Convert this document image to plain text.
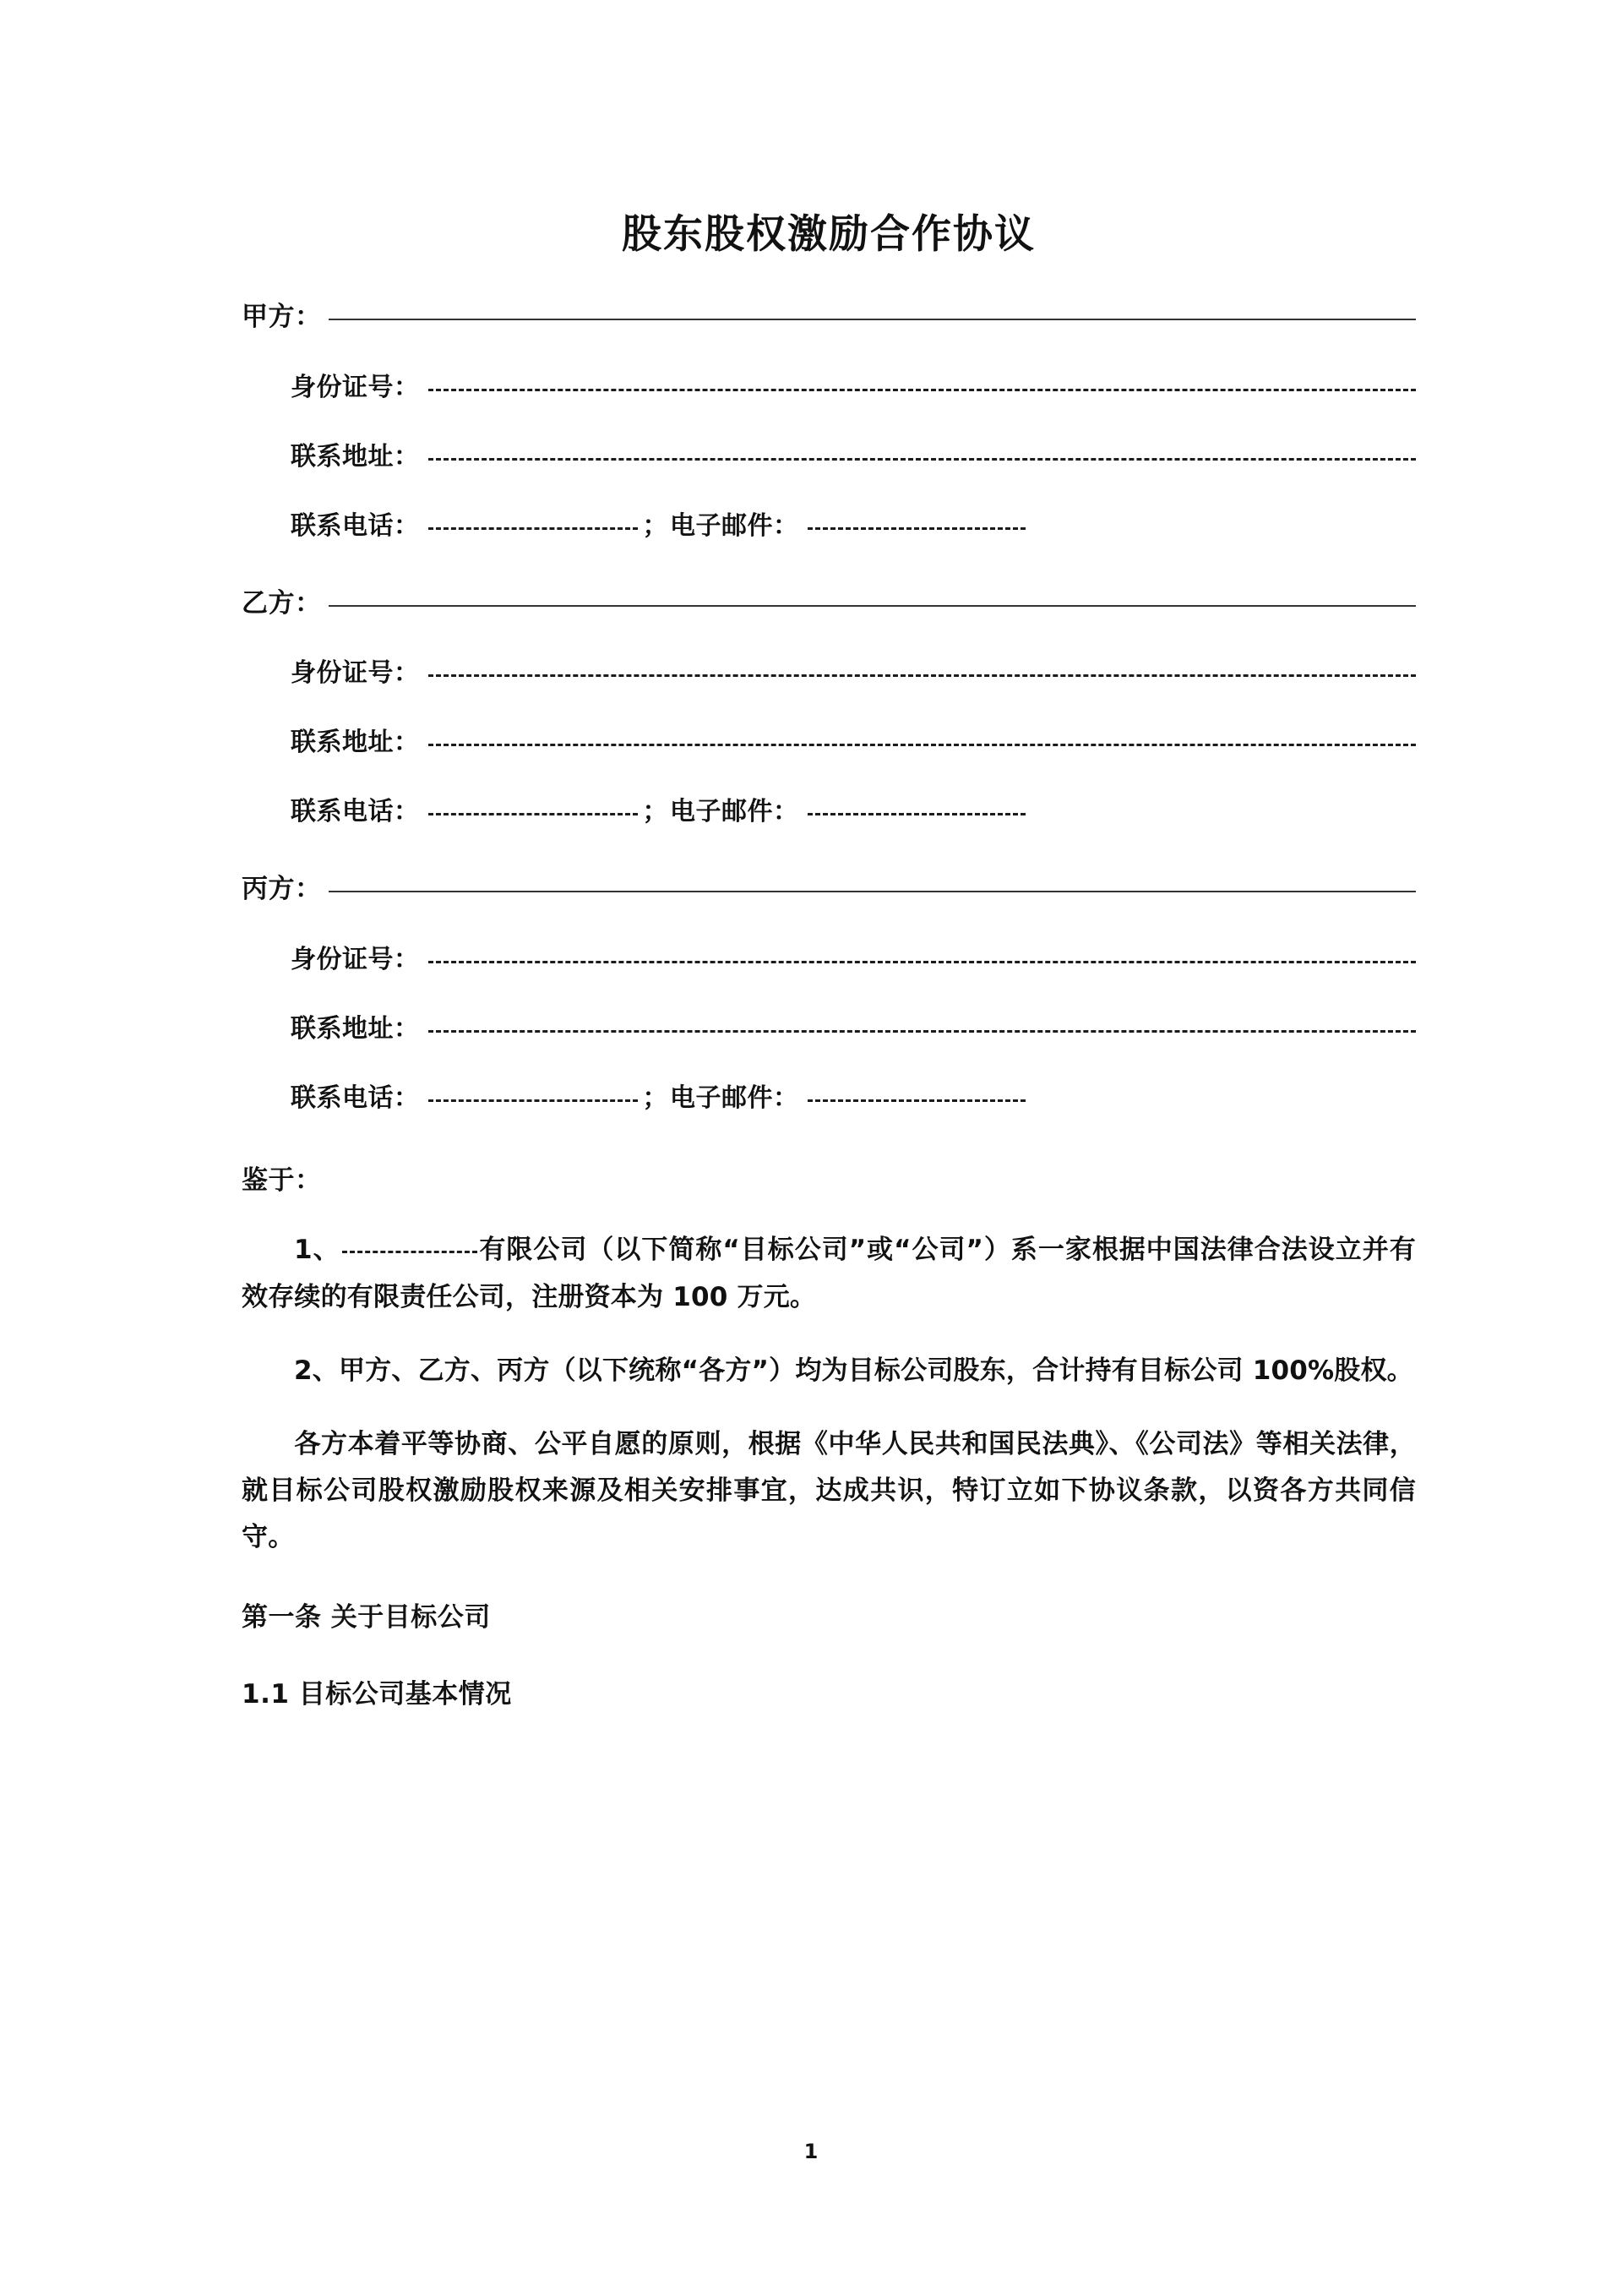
股东股权激励合作协议
甲方：
身份证号：
联系地址：
联系电话：	； 电子邮件：
乙方：
身份证号：
联系地址：
联系电话：	； 电子邮件：
丙方：
身份证号：
联系地址：
联系电话：	； 电子邮件：
鉴于：

1、	有限公司（以下简称“目标公司”或“公司”）系一家根据中国法律合法设立并有效存续的有限责任公司，注册资本为 100 万元。

2、甲方、乙方、丙方（以下统称“各方”）均为目标公司股东，合计持有目标公司 100%股权。

各方本着平等协商、公平自愿的原则，根据《中华人民共和国民法典》、《公司法》等相关法律，就目标公司股权激励股权来源及相关安排事宜，达成共识，特订立如下协议条款，以资各方共同信守。

第一条 关于目标公司
1.1 目标公司基本情况
1
